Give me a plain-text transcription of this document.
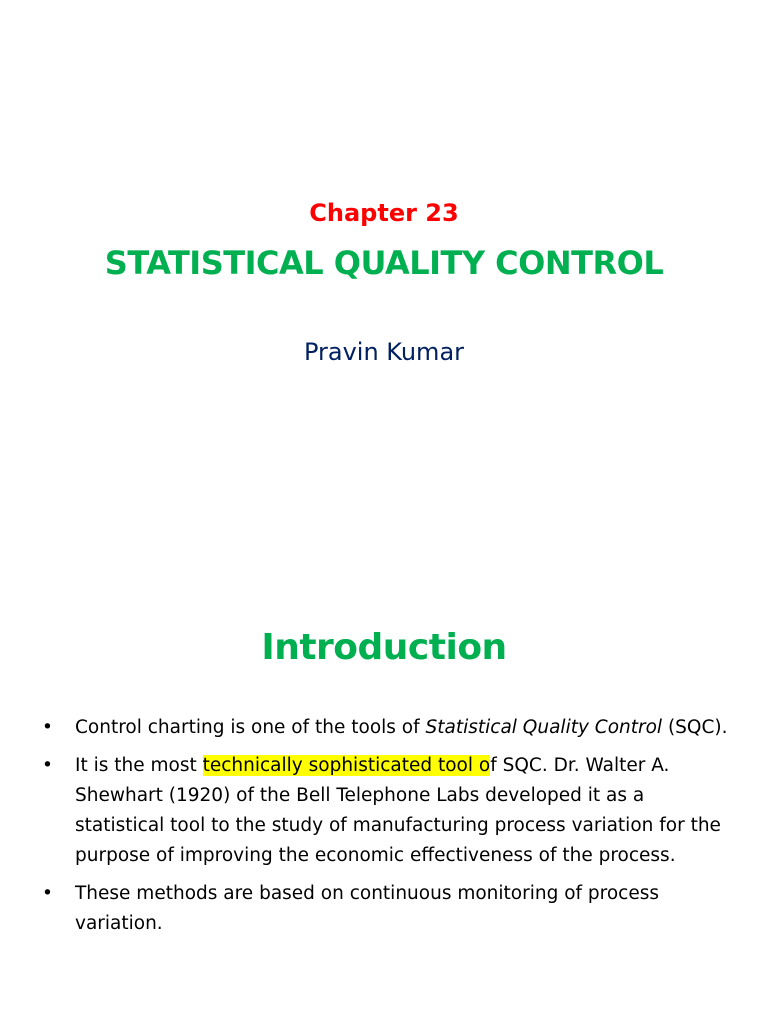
Chapter 23
STATISTICAL QUALITY CONTROL
Pravin Kumar
Introduction
•	Control charting is one of the tools of Statistical Quality Control (SQC).
•	It is the most technically sophisticated tool of SQC. Dr. Walter A. Shewhart (1920) of the Bell Telephone Labs developed it as a statistical tool to the study of manufacturing process variation for the purpose of improving the economic effectiveness of the process.
•	These methods are based on continuous monitoring of process variation.
